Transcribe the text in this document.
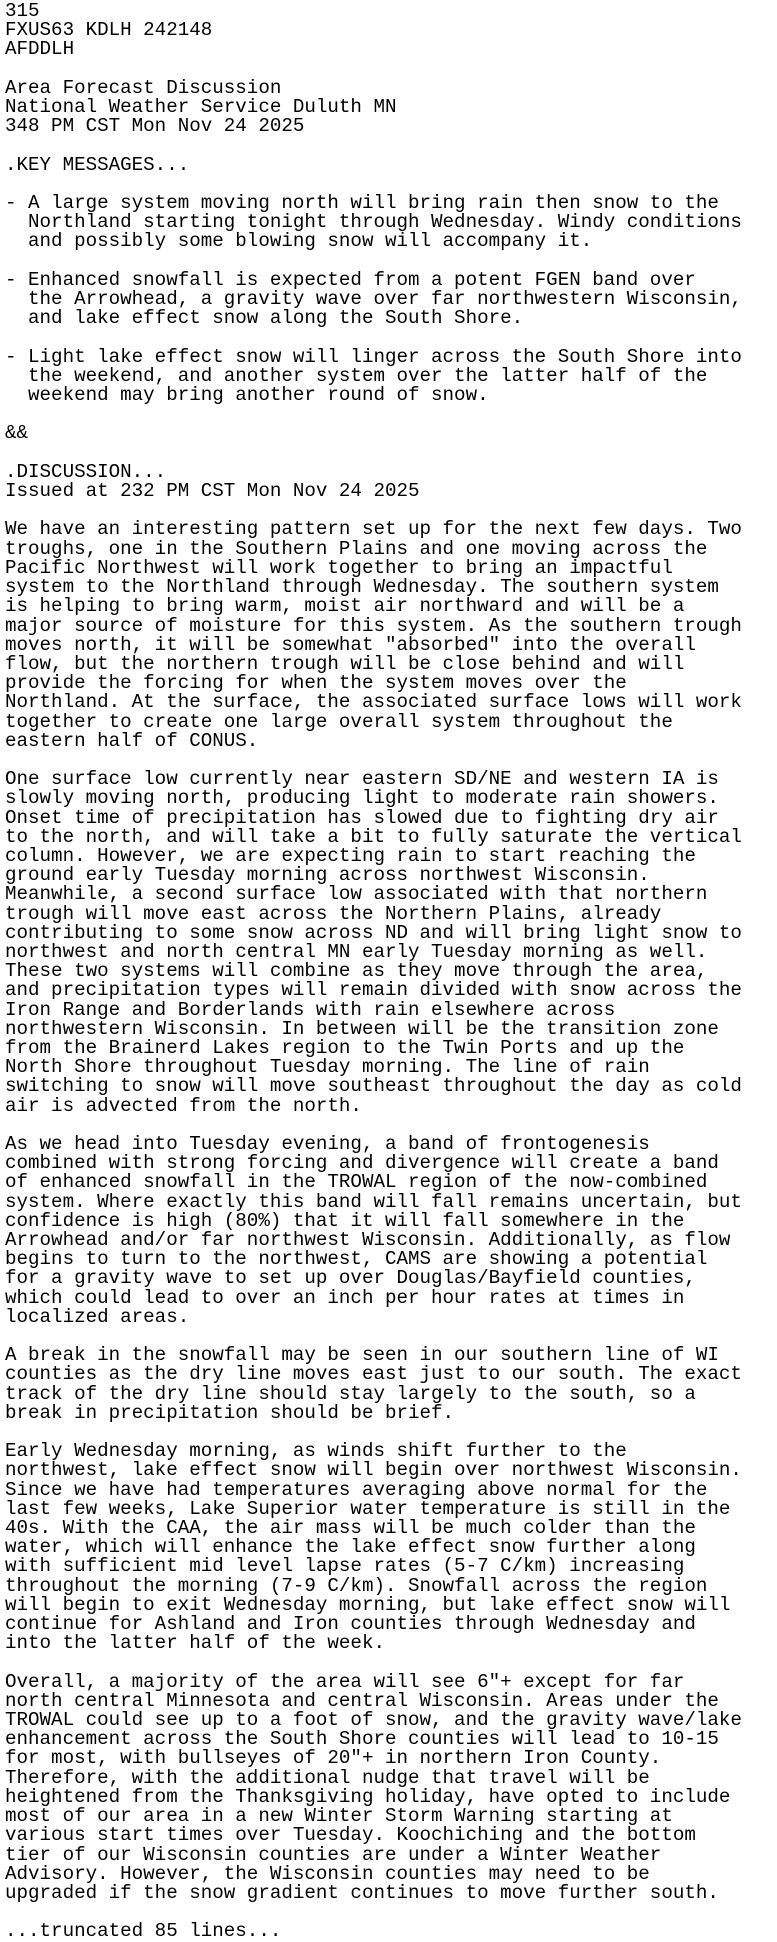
315
FXUS63 KDLH 242148
AFDDLH

Area Forecast Discussion
National Weather Service Duluth MN
348 PM CST Mon Nov 24 2025

.KEY MESSAGES...

- A large system moving north will bring rain then snow to the
Northland starting tonight through Wednesday. Windy conditions
and possibly some blowing snow will accompany it.

- Enhanced snowfall is expected from a potent FGEN band over
the Arrowhead, a gravity wave over far northwestern Wisconsin,
and lake effect snow along the South Shore.

- Light lake effect snow will linger across the South Shore into
the weekend, and another system over the latter half of the
weekend may bring another round of snow.

&&

.DISCUSSION...
Issued at 232 PM CST Mon Nov 24 2025

We have an interesting pattern set up for the next few days. Two
troughs, one in the Southern Plains and one moving across the
Pacific Northwest will work together to bring an impactful
system to the Northland through Wednesday. The southern system
is helping to bring warm, moist air northward and will be a
major source of moisture for this system. As the southern trough
moves north, it will be somewhat "absorbed" into the overall
flow, but the northern trough will be close behind and will
provide the forcing for when the system moves over the
Northland. At the surface, the associated surface lows will work
together to create one large overall system throughout the
eastern half of CONUS.

One surface low currently near eastern SD/NE and western IA is
slowly moving north, producing light to moderate rain showers.
Onset time of precipitation has slowed due to fighting dry air
to the north, and will take a bit to fully saturate the vertical
column. However, we are expecting rain to start reaching the
ground early Tuesday morning across northwest Wisconsin.
Meanwhile, a second surface low associated with that northern
trough will move east across the Northern Plains, already
contributing to some snow across ND and will bring light snow to
northwest and north central MN early Tuesday morning as well.
These two systems will combine as they move through the area,
and precipitation types will remain divided with snow across the
Iron Range and Borderlands with rain elsewhere across
northwestern Wisconsin. In between will be the transition zone
from the Brainerd Lakes region to the Twin Ports and up the
North Shore throughout Tuesday morning. The line of rain
switching to snow will move southeast throughout the day as cold
air is advected from the north.

As we head into Tuesday evening, a band of frontogenesis
combined with strong forcing and divergence will create a band
of enhanced snowfall in the TROWAL region of the now-combined
system. Where exactly this band will fall remains uncertain, but
confidence is high (80%) that it will fall somewhere in the
Arrowhead and/or far northwest Wisconsin. Additionally, as flow
begins to turn to the northwest, CAMS are showing a potential
for a gravity wave to set up over Douglas/Bayfield counties,
which could lead to over an inch per hour rates at times in
localized areas.

A break in the snowfall may be seen in our southern line of WI
counties as the dry line moves east just to our south. The exact
track of the dry line should stay largely to the south, so a
break in precipitation should be brief.

Early Wednesday morning, as winds shift further to the
northwest, lake effect snow will begin over northwest Wisconsin.
Since we have had temperatures averaging above normal for the
last few weeks, Lake Superior water temperature is still in the
40s. With the CAA, the air mass will be much colder than the
water, which will enhance the lake effect snow further along
with sufficient mid level lapse rates (5-7 C/km) increasing
throughout the morning (7-9 C/km). Snowfall across the region
will begin to exit Wednesday morning, but lake effect snow will
continue for Ashland and Iron counties through Wednesday and
into the latter half of the week.

Overall, a majority of the area will see 6"+ except for far
north central Minnesota and central Wisconsin. Areas under the
TROWAL could see up to a foot of snow, and the gravity wave/lake
enhancement across the South Shore counties will lead to 10-15
for most, with bullseyes of 20"+ in northern Iron County.
Therefore, with the additional nudge that travel will be
heightened from the Thanksgiving holiday, have opted to include
most of our area in a new Winter Storm Warning starting at
various start times over Tuesday. Koochiching and the bottom
tier of our Wisconsin counties are under a Winter Weather
Advisory. However, the Wisconsin counties may need to be
upgraded if the snow gradient continues to move further south.

...truncated 85 lines...
